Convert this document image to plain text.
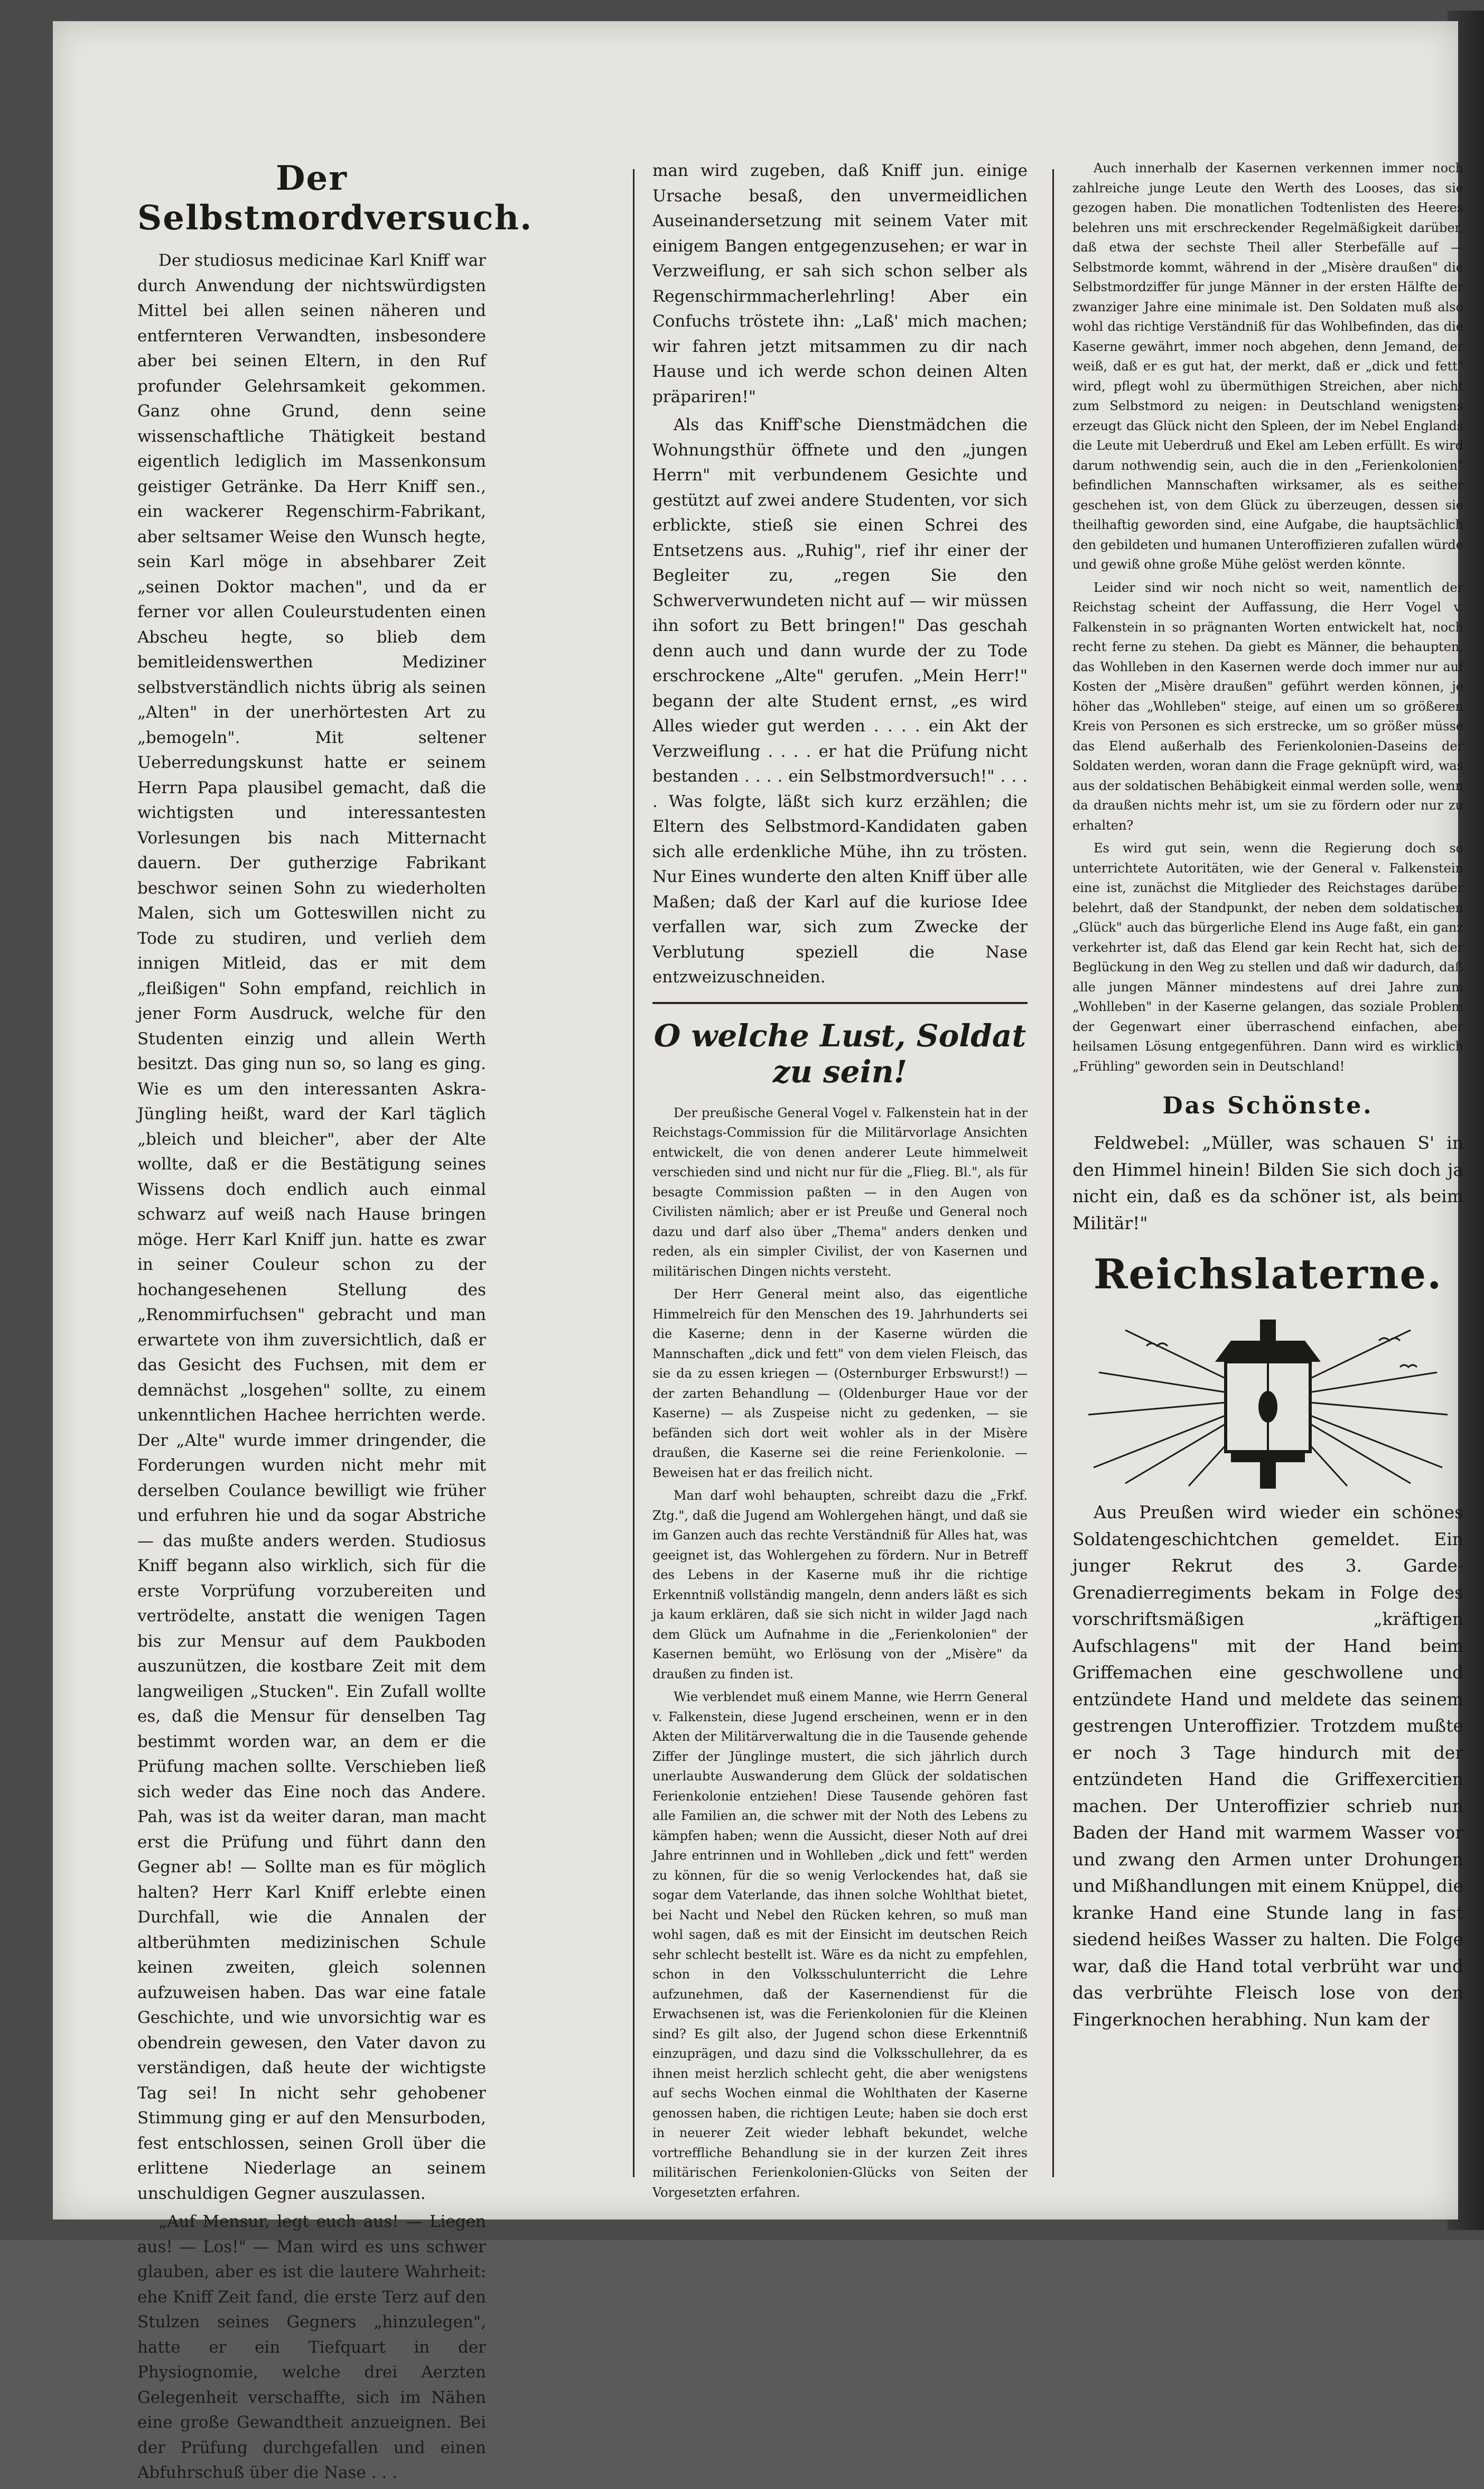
Der Selbstmordversuch.

Der studiosus medicinae Karl Kniff war durch Anwendung der nichtswürdigsten Mittel bei allen seinen näheren und entfernteren Verwandten, insbesondere aber bei seinen Eltern, in den Ruf profunder Gelehrsamkeit gekommen. Ganz ohne Grund, denn seine wissenschaftliche Thätigkeit bestand eigentlich lediglich im Massenkonsum geistiger Getränke. Da Herr Kniff sen., ein wackerer Regenschirm-Fabrikant, aber seltsamer Weise den Wunsch hegte, sein Karl möge in absehbarer Zeit „seinen Doktor machen", und da er ferner vor allen Couleurstudenten einen Abscheu hegte, so blieb dem bemitleidenswerthen Mediziner selbstverständlich nichts übrig als seinen „Alten" in der unerhörtesten Art zu „bemogeln". Mit seltener Ueberredungskunst hatte er seinem Herrn Papa plausibel gemacht, daß die wichtigsten und interessantesten Vorlesungen bis nach Mitternacht dauern. Der gutherzige Fabrikant beschwor seinen Sohn zu wiederholten Malen, sich um Gotteswillen nicht zu Tode zu studiren, und verlieh dem innigen Mitleid, das er mit dem „fleißigen" Sohn empfand, reichlich in jener Form Ausdruck, welche für den Studenten einzig und allein Werth besitzt. Das ging nun so, so lang es ging. Wie es um den interessanten Askra-Jüngling heißt, ward der Karl täglich „bleich und bleicher", aber der Alte wollte, daß er die Bestätigung seines Wissens doch endlich auch einmal schwarz auf weiß nach Hause bringen möge. Herr Karl Kniff jun. hatte es zwar in seiner Couleur schon zu der hochangesehenen Stellung des „Renommirfuchsen" gebracht und man erwartete von ihm zuversichtlich, daß er das Gesicht des Fuchsen, mit dem er demnächst „losgehen" sollte, zu einem unkenntlichen Hachee herrichten werde. Der „Alte" wurde immer dringender, die Forderungen wurden nicht mehr mit derselben Coulance bewilligt wie früher und erfuhren hie und da sogar Abstriche — das mußte anders werden. Studiosus Kniff begann also wirklich, sich für die erste Vorprüfung vorzubereiten und vertrödelte, anstatt die wenigen Tagen bis zur Mensur auf dem Paukboden auszunützen, die kostbare Zeit mit dem langweiligen „Stucken". Ein Zufall wollte es, daß die Mensur für denselben Tag bestimmt worden war, an dem er die Prüfung machen sollte. Verschieben ließ sich weder das Eine noch das Andere. Pah, was ist da weiter daran, man macht erst die Prüfung und führt dann den Gegner ab! — Sollte man es für möglich halten? Herr Karl Kniff erlebte einen Durchfall, wie die Annalen der altberühmten medizinischen Schule keinen zweiten, gleich solennen aufzuweisen haben. Das war eine fatale Geschichte, und wie unvorsichtig war es obendrein gewesen, den Vater davon zu verständigen, daß heute der wichtigste Tag sei! In nicht sehr gehobener Stimmung ging er auf den Mensurboden, fest entschlossen, seinen Groll über die erlittene Niederlage an seinem unschuldigen Gegner auszulassen.

„Auf Mensur, legt euch aus! — Liegen aus! — Los!" — Man wird es uns schwer glauben, aber es ist die lautere Wahrheit: ehe Kniff Zeit fand, die erste Terz auf den Stulzen seines Gegners „hinzulegen", hatte er ein Tiefquart in der Physiognomie, welche drei Aerzten Gelegenheit verschaffte, sich im Nähen eine große Gewandtheit anzueignen. Bei der Prüfung durchgefallen und einen Abfuhrschuß über die Nase . . .

man wird zugeben, daß Kniff jun. einige Ursache besaß, den unvermeidlichen Auseinandersetzung mit seinem Vater mit einigem Bangen entgegenzusehen; er war in Verzweiflung, er sah sich schon selber als Regenschirmmacherlehrling! Aber ein Confuchs tröstete ihn: „Laß' mich machen; wir fahren jetzt mitsammen zu dir nach Hause und ich werde schon deinen Alten präpariren!"

Als das Kniff'sche Dienstmädchen die Wohnungsthür öffnete und den „jungen Herrn" mit verbundenem Gesichte und gestützt auf zwei andere Studenten, vor sich erblickte, stieß sie einen Schrei des Entsetzens aus. „Ruhig", rief ihr einer der Begleiter zu, „regen Sie den Schwerverwundeten nicht auf — wir müssen ihn sofort zu Bett bringen!" Das geschah denn auch und dann wurde der zu Tode erschrockene „Alte" gerufen. „Mein Herr!" begann der alte Student ernst, „es wird Alles wieder gut werden . . . . ein Akt der Verzweiflung . . . . er hat die Prüfung nicht bestanden . . . . ein Selbstmordversuch!" . . . . Was folgte, läßt sich kurz erzählen; die Eltern des Selbstmord-Kandidaten gaben sich alle erdenkliche Mühe, ihn zu trösten. Nur Eines wunderte den alten Kniff über alle Maßen; daß der Karl auf die kuriose Idee verfallen war, sich zum Zwecke der Verblutung speziell die Nase entzweizuschneiden.

O welche Lust, Soldat zu sein!

Der preußische General Vogel v. Falkenstein hat in der Reichstags-Commission für die Militärvorlage Ansichten entwickelt, die von denen anderer Leute himmelweit verschieden sind und nicht nur für die „Flieg. Bl.", als für besagte Commission paßten — in den Augen von Civilisten nämlich; aber er ist Preuße und General noch dazu und darf also über „Thema" anders denken und reden, als ein simpler Civilist, der von Kasernen und militärischen Dingen nichts versteht.

Der Herr General meint also, das eigentliche Himmelreich für den Menschen des 19. Jahrhunderts sei die Kaserne; denn in der Kaserne würden die Mannschaften „dick und fett" von dem vielen Fleisch, das sie da zu essen kriegen — (Osternburger Erbswurst!) — der zarten Behandlung — (Oldenburger Haue vor der Kaserne) — als Zuspeise nicht zu gedenken, — sie befänden sich dort weit wohler als in der Misère draußen, die Kaserne sei die reine Ferienkolonie. — Beweisen hat er das freilich nicht.

Man darf wohl behaupten, schreibt dazu die „Frkf. Ztg.", daß die Jugend am Wohlergehen hängt, und daß sie im Ganzen auch das rechte Verständniß für Alles hat, was geeignet ist, das Wohlergehen zu fördern. Nur in Betreff des Lebens in der Kaserne muß ihr die richtige Erkenntniß vollständig mangeln, denn anders läßt es sich ja kaum erklären, daß sie sich nicht in wilder Jagd nach dem Glück um Aufnahme in die „Ferienkolonien" der Kasernen bemüht, wo Erlösung von der „Misère" da draußen zu finden ist.

Wie verblendet muß einem Manne, wie Herrn General v. Falkenstein, diese Jugend erscheinen, wenn er in den Akten der Militärverwaltung die in die Tausende gehende Ziffer der Jünglinge mustert, die sich jährlich durch unerlaubte Auswanderung dem Glück der soldatischen Ferienkolonie entziehen! Diese Tausende gehören fast alle Familien an, die schwer mit der Noth des Lebens zu kämpfen haben; wenn die Aussicht, dieser Noth auf drei Jahre entrinnen und in Wohlleben „dick und fett" werden zu können, für die so wenig Verlockendes hat, daß sie sogar dem Vaterlande, das ihnen solche Wohlthat bietet, bei Nacht und Nebel den Rücken kehren, so muß man wohl sagen, daß es mit der Einsicht im deutschen Reich sehr schlecht bestellt ist. Wäre es da nicht zu empfehlen, schon in den Volksschulunterricht die Lehre aufzunehmen, daß der Kasernendienst für die Erwachsenen ist, was die Ferienkolonien für die Kleinen sind? Es gilt also, der Jugend schon diese Erkenntniß einzuprägen, und dazu sind die Volksschullehrer, da es ihnen meist herzlich schlecht geht, die aber wenigstens auf sechs Wochen einmal die Wohlthaten der Kaserne genossen haben, die richtigen Leute; haben sie doch erst in neuerer Zeit wieder lebhaft bekundet, welche vortreffliche Behandlung sie in der kurzen Zeit ihres militärischen Ferienkolonien-Glücks von Seiten der Vorgesetzten erfahren.

Auch innerhalb der Kasernen verkennen immer noch zahlreiche junge Leute den Werth des Looses, das sie gezogen haben. Die monatlichen Todtenlisten des Heeres belehren uns mit erschreckender Regelmäßigkeit darüber, daß etwa der sechste Theil aller Sterbefälle auf — Selbstmorde kommt, während in der „Misère draußen" die Selbstmordziffer für junge Männer in der ersten Hälfte der zwanziger Jahre eine minimale ist. Den Soldaten muß also wohl das richtige Verständniß für das Wohlbefinden, das die Kaserne gewährt, immer noch abgehen, denn Jemand, der weiß, daß er es gut hat, der merkt, daß er „dick und fett" wird, pflegt wohl zu übermüthigen Streichen, aber nicht zum Selbstmord zu neigen: in Deutschland wenigstens erzeugt das Glück nicht den Spleen, der im Nebel Englands die Leute mit Ueberdruß und Ekel am Leben erfüllt. Es wird darum nothwendig sein, auch die in den „Ferienkolonien" befindlichen Mannschaften wirksamer, als es seither geschehen ist, von dem Glück zu überzeugen, dessen sie theilhaftig geworden sind, eine Aufgabe, die hauptsächlich den gebildeten und humanen Unteroffizieren zufallen würde und gewiß ohne große Mühe gelöst werden könnte.

Leider sind wir noch nicht so weit, namentlich der Reichstag scheint der Auffassung, die Herr Vogel v. Falkenstein in so prägnanten Worten entwickelt hat, noch recht ferne zu stehen. Da giebt es Männer, die behaupten, das Wohlleben in den Kasernen werde doch immer nur auf Kosten der „Misère draußen" geführt werden können, je höher das „Wohlleben" steige, auf einen um so größeren Kreis von Personen es sich erstrecke, um so größer müsse das Elend außerhalb des Ferienkolonien-Daseins der Soldaten werden, woran dann die Frage geknüpft wird, was aus der soldatischen Behäbigkeit einmal werden solle, wenn da draußen nichts mehr ist, um sie zu fördern oder nur zu erhalten?

Es wird gut sein, wenn die Regierung doch so unterrichtete Autoritäten, wie der General v. Falkenstein eine ist, zunächst die Mitglieder des Reichstages darüber belehrt, daß der Standpunkt, der neben dem soldatischen „Glück" auch das bürgerliche Elend ins Auge faßt, ein ganz verkehrter ist, daß das Elend gar kein Recht hat, sich der Beglückung in den Weg zu stellen und daß wir dadurch, daß alle jungen Männer mindestens auf drei Jahre zum „Wohlleben" in der Kaserne gelangen, das soziale Problem der Gegenwart einer überraschend einfachen, aber heilsamen Lösung entgegenführen. Dann wird es wirklich „Frühling" geworden sein in Deutschland!

Das Schönste.

Feldwebel: „Müller, was schauen S' in den Himmel hinein! Bilden Sie sich doch ja nicht ein, daß es da schöner ist, als beim Militär!"

Reichslaterne.

Aus Preußen wird wieder ein schönes Soldatengeschichtchen gemeldet. Ein junger Rekrut des 3. Garde-Grenadierregiments bekam in Folge des vorschriftsmäßigen „kräftigen Aufschlagens" mit der Hand beim Griffemachen eine geschwollene und entzündete Hand und meldete das seinem gestrengen Unteroffizier. Trotzdem mußte er noch 3 Tage hindurch mit der entzündeten Hand die Griffexercitien machen. Der Unteroffizier schrieb nun Baden der Hand mit warmem Wasser vor und zwang den Armen unter Drohungen und Mißhandlungen mit einem Knüppel, die kranke Hand eine Stunde lang in fast siedend heißes Wasser zu halten. Die Folge war, daß die Hand total verbrüht war und das verbrühte Fleisch lose von den Fingerknochen herabhing. Nun kam der
